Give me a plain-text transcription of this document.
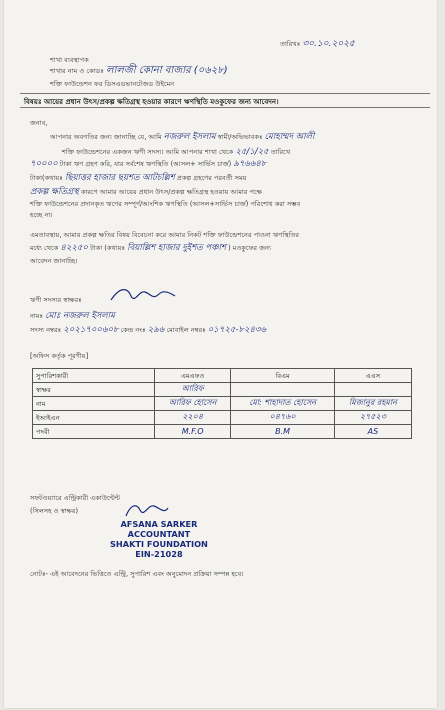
তারিখঃ ৩০.১০.২০২৫
শাখা ব্যবস্থাপক
শাখার নাম ও কোডঃ লালজী কোনা বাজার (০৬২৮)
শক্তি ফাউন্ডেশন ফর ডিসএডভানটেজড উইমেন
বিষয়ঃ আয়ের প্রধান উৎস/প্রকল্প ক্ষতিগ্রস্থ হওয়ার কারণে ঋণস্থিতি মওকুফের জন্য আবেদন।
জনাব,
আপনার অবগতির জন্য জানাচ্ছি যে, আমি নজরুল ইসলাম স্বামী/অভিভাবকঃ মোহাম্মদ আলী
শক্তি ফাউন্ডেশনের একজন ঋণী সদস্য। আমি আপনার শাখা থেকে ২৫/১/২৫ তারিখে
৭০০০০ টাকা ঋণ গ্রহণ করি, যার সর্বশেষ ঋণস্থিতি (আসল+ সার্ভিস চার্জ) ৯৭৬৬৪৮
টাকা(কথায়ঃ ছিয়াত্তর হাজার ছয়শত আটচল্লিশ প্রকল্প গ্রহণের পরবর্তী সময়
প্রকল্প ক্ষতিগ্রস্থ কারণে আমার আয়ের প্রধান উৎস/প্রকল্প ক্ষতিগ্রস্থ হওয়ায় আমার পক্ষে
শক্তি ফাউন্ডেশনের প্রদানকৃত ঋণের সম্পূর্ণ/আংশিক ঋণস্থিতি (আসল+সার্ভিস চার্জ) পরিশোধ করা সম্ভব
হচ্ছে না।
এমতাবস্থায়, আমার প্রকল্প ক্ষতির বিষয় বিবেচনা করে আমার নিকট শক্তি ফাউন্ডেশনের পাওনা ঋণস্থিতির
মধ্যে থেকে ৪২২৫০ টাকা (কথায়ঃ বিয়াল্লিশ হাজার দুইশত পঞ্চাশ ) মওকুফের জন্য
আবেদন জানাচ্ছি।
ঋণী সদস্যর স্বাক্ষরঃ
নামঃ মোঃ নজরুল ইসলাম
সদস্য নম্বরঃ ২০২১৭০০৬০৮ কেন্দ্র নংঃ ২৯৬ মোবাইল নম্বরঃ ০১৭২৫-৮২৪৩৬
[অফিস কর্তৃক পূরণীয়]
সুপারিশকারী	এমএফও	বিএম	এএস
স্বাক্ষর	আরিফ		
নাম	আরিফ হোসেন	মো: শাহাদাত হোসেন	মিজানুর রহমান
ইআইএন	২২০৪	০৪৭৬০	২৭৫২৩
পদবী	M.F.O	B.M	AS
সফটওয়্যারে এন্ট্রিকারী একাউন্টেন্ট
(সিলসহ ও স্বাক্ষর)
AFSANA SARKER
ACCOUNTANT
SHAKTI FOUNDATION
EIN-21028
নোটঃ- এই আবেদনের ভিত্তিতে এন্ট্রি, সুপারিশ এবং অনুমোদন প্রক্রিয়া সম্পন্ন হবে।
